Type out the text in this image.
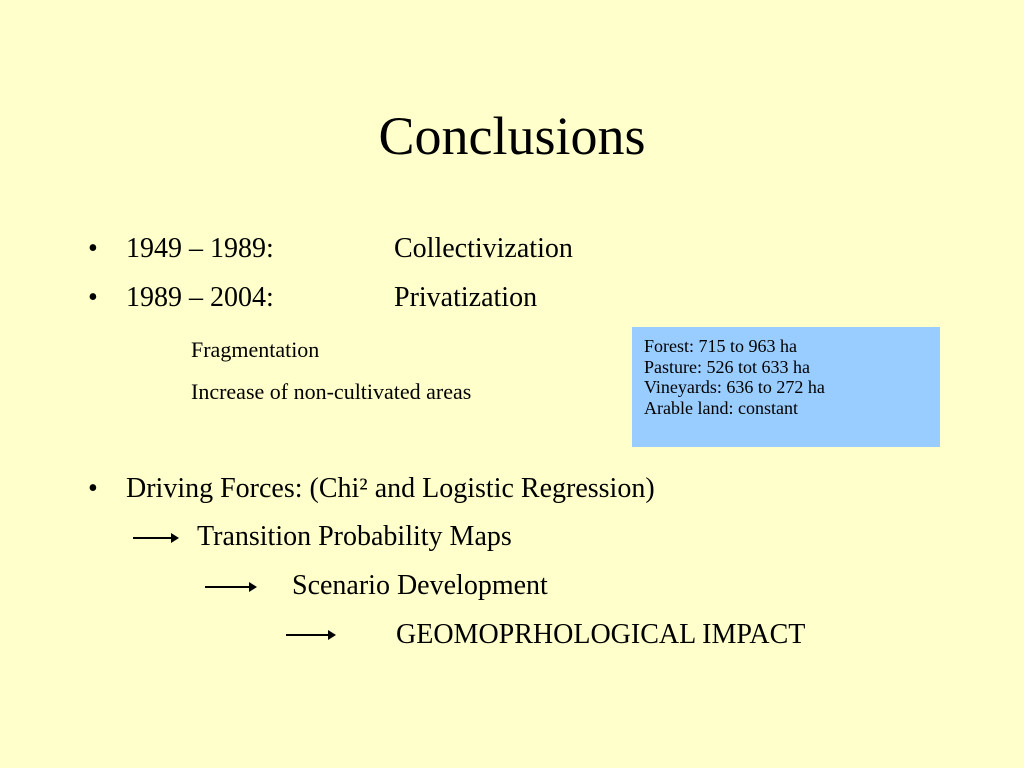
Conclusions
• 1949 – 1989:	Collectivization
• 1989 – 2004:	Privatization
Fragmentation
Increase of non-cultivated areas
Forest: 715 to 963 ha
Pasture: 526 tot 633 ha
Vineyards: 636 to 272 ha
Arable land: constant
• Driving Forces: (Chi² and Logistic Regression)
Transition Probability Maps
Scenario Development
GEOMOPRHOLOGICAL IMPACT
